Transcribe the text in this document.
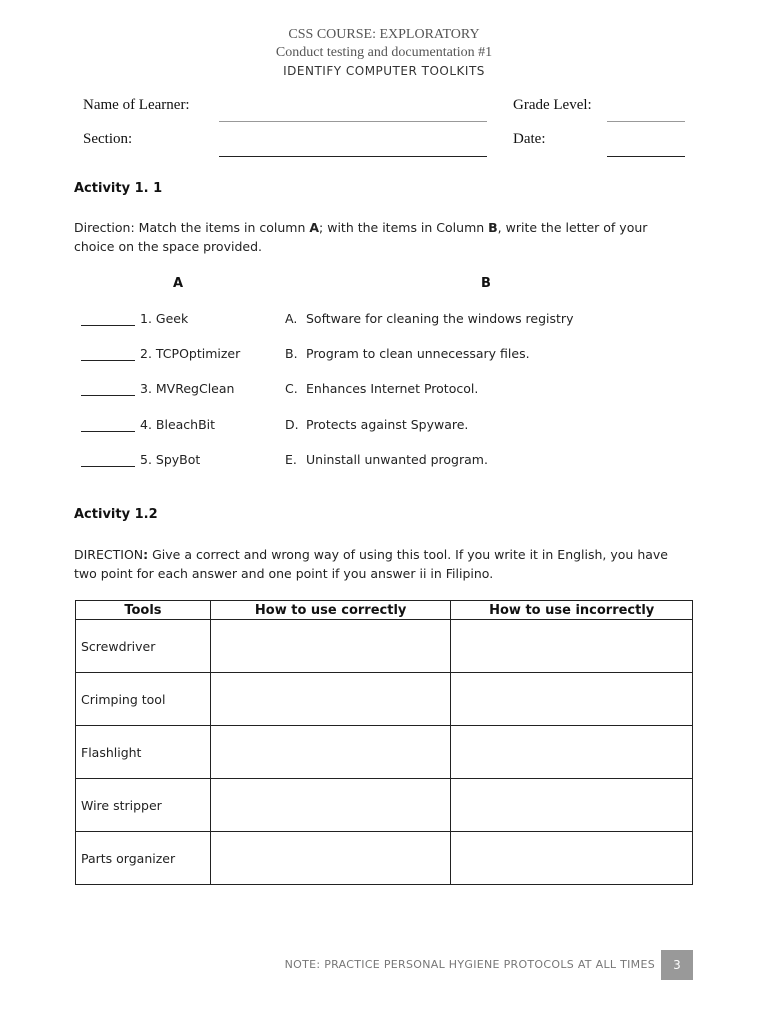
CSS COURSE: EXPLORATORY
Conduct testing and documentation #1
IDENTIFY COMPUTER TOOLKITS
Name of Learner:	Grade Level:
Section:	Date:
Activity 1. 1
Direction: Match the items in column A; with the items in Column B, write the letter of your choice on the space provided.
A	B
1. Geek	A. Software for cleaning the windows registry
2. TCPOptimizer	B. Program to clean unnecessary files.
3. MVRegClean	C. Enhances Internet Protocol.
4. BleachBit	D. Protects against Spyware.
5. SpyBot	E. Uninstall unwanted program.
Activity 1.2
DIRECTION: Give a correct and wrong way of using this tool. If you write it in English, you have two point for each answer and one point if you answer ii in Filipino.
Tools	How to use correctly	How to use incorrectly
Screwdriver		
Crimping tool		
Flashlight		
Wire stripper		
Parts organizer		
NOTE: PRACTICE PERSONAL HYGIENE PROTOCOLS AT ALL TIMES	3
